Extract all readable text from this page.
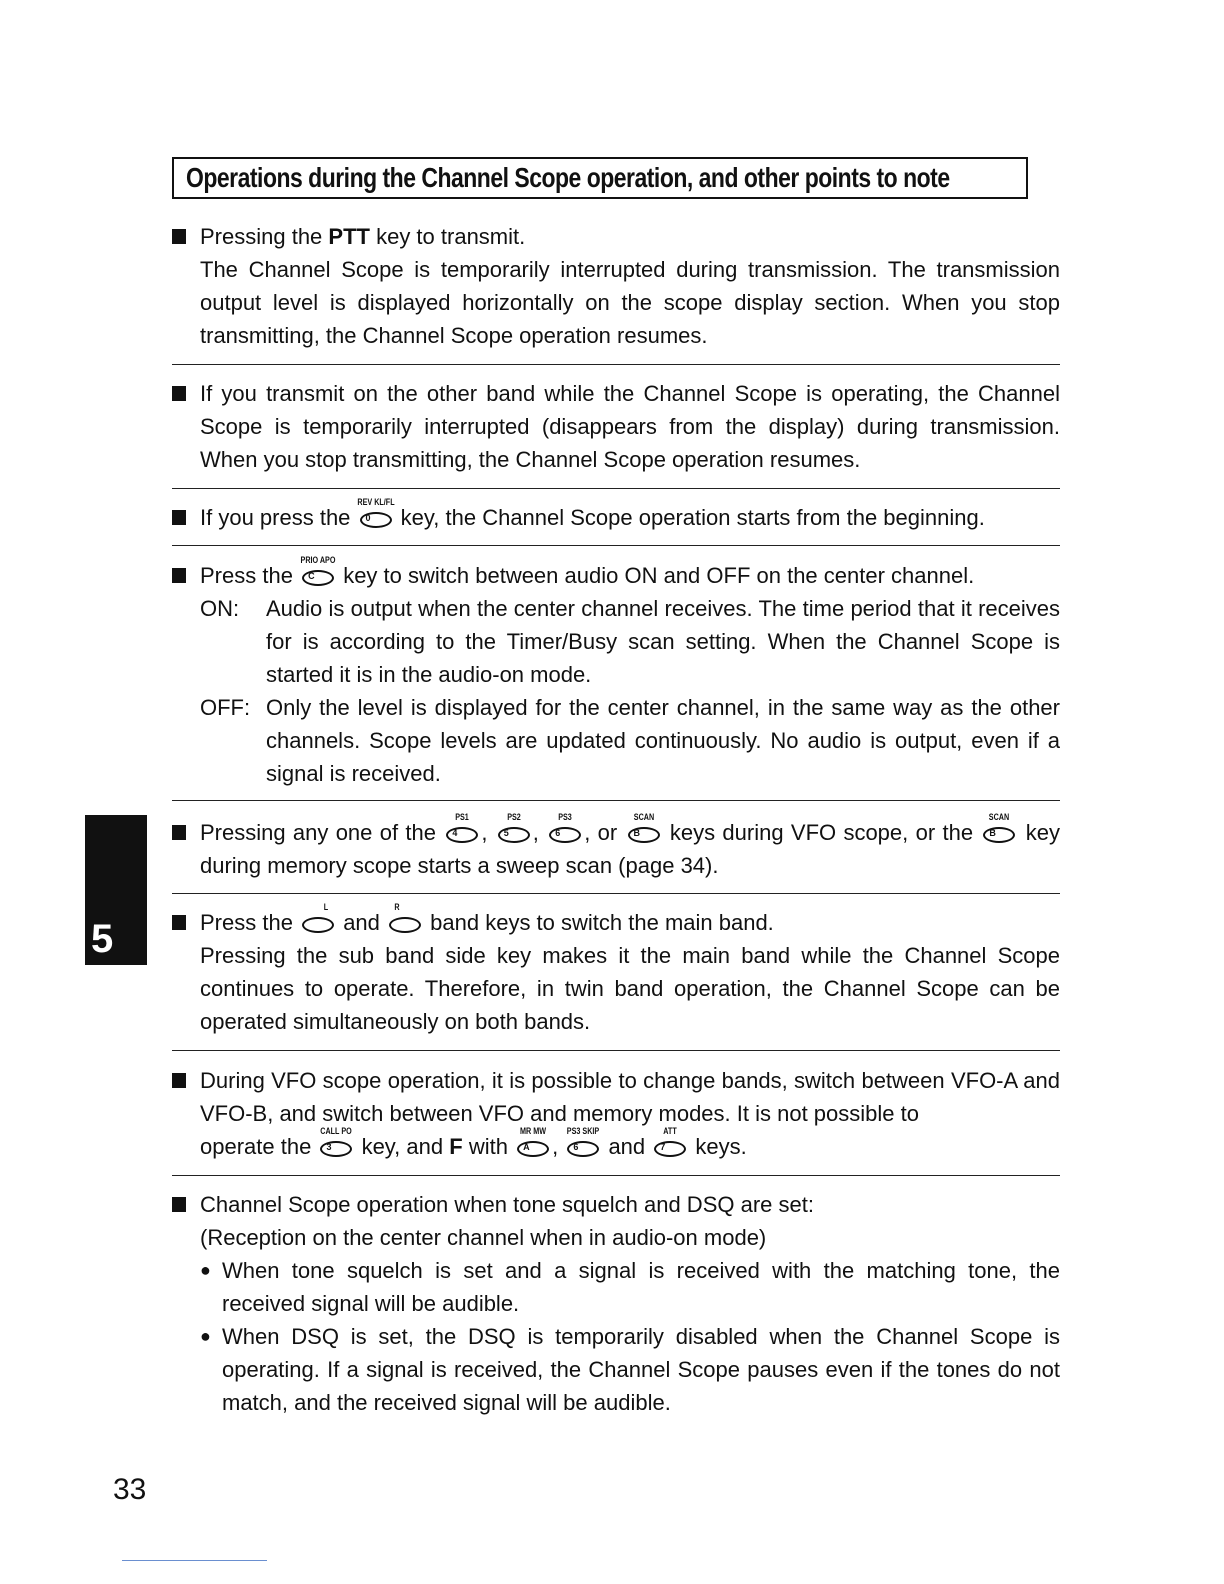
Operations during the Channel Scope operation, and other points to note
Pressing the PTT key to transmit.
The Channel Scope is temporarily interrupted during transmission. The transmission output level is displayed horizontally on the scope display section. When you stop transmitting, the Channel Scope operation resumes.
If you transmit on the other band while the Channel Scope is operating, the Channel Scope is temporarily interrupted (disappears from the display) during transmission. When you stop transmitting, the Channel Scope operation resumes.
If you press the
REV KL/FL
0 key, the Channel Scope operation starts from the beginning.
Press the
PRIO APO
C key to switch between audio ON and OFF on the center channel.
ON:	Audio is output when the center channel receives. The time period that it receives for is according to the Timer/Busy scan setting. When the Channel Scope is started it is in the audio-on mode.
OFF: Only the level is displayed for the center channel, in the same way as the other channels. Scope levels are updated continuously. No audio is output, even if a signal is received.
Pressing any one of the
PS1
4 ,
PS2
5 ,
PS3
6 , or
SCAN
B keys during VFO scope, or the
SCAN
B key during memory scope starts a sweep scan (page 34).
Press the
L
and
R
band keys to switch the main band.
Pressing the sub band side key makes it the main band while the Channel Scope continues to operate. Therefore, in twin band operation, the Channel Scope can be operated simultaneously on both bands.
During VFO scope operation, it is possible to change bands, switch between VFO-A and VFO-B, and switch between VFO and memory modes. It is not possible to
operate the
CALL PO
3 key, and F with
MR MW
A ,
PS3 SKIP
6 and
ATT
7 keys.
Channel Scope operation when tone squelch and DSQ are set:
(Reception on the center channel when in audio-on mode)
● When tone squelch is set and a signal is received with the matching tone, the received signal will be audible.
● When DSQ is set, the DSQ is temporarily disabled when the Channel Scope is operating. If a signal is received, the Channel Scope pauses even if the tones do not match, and the received signal will be audible.
5
33
